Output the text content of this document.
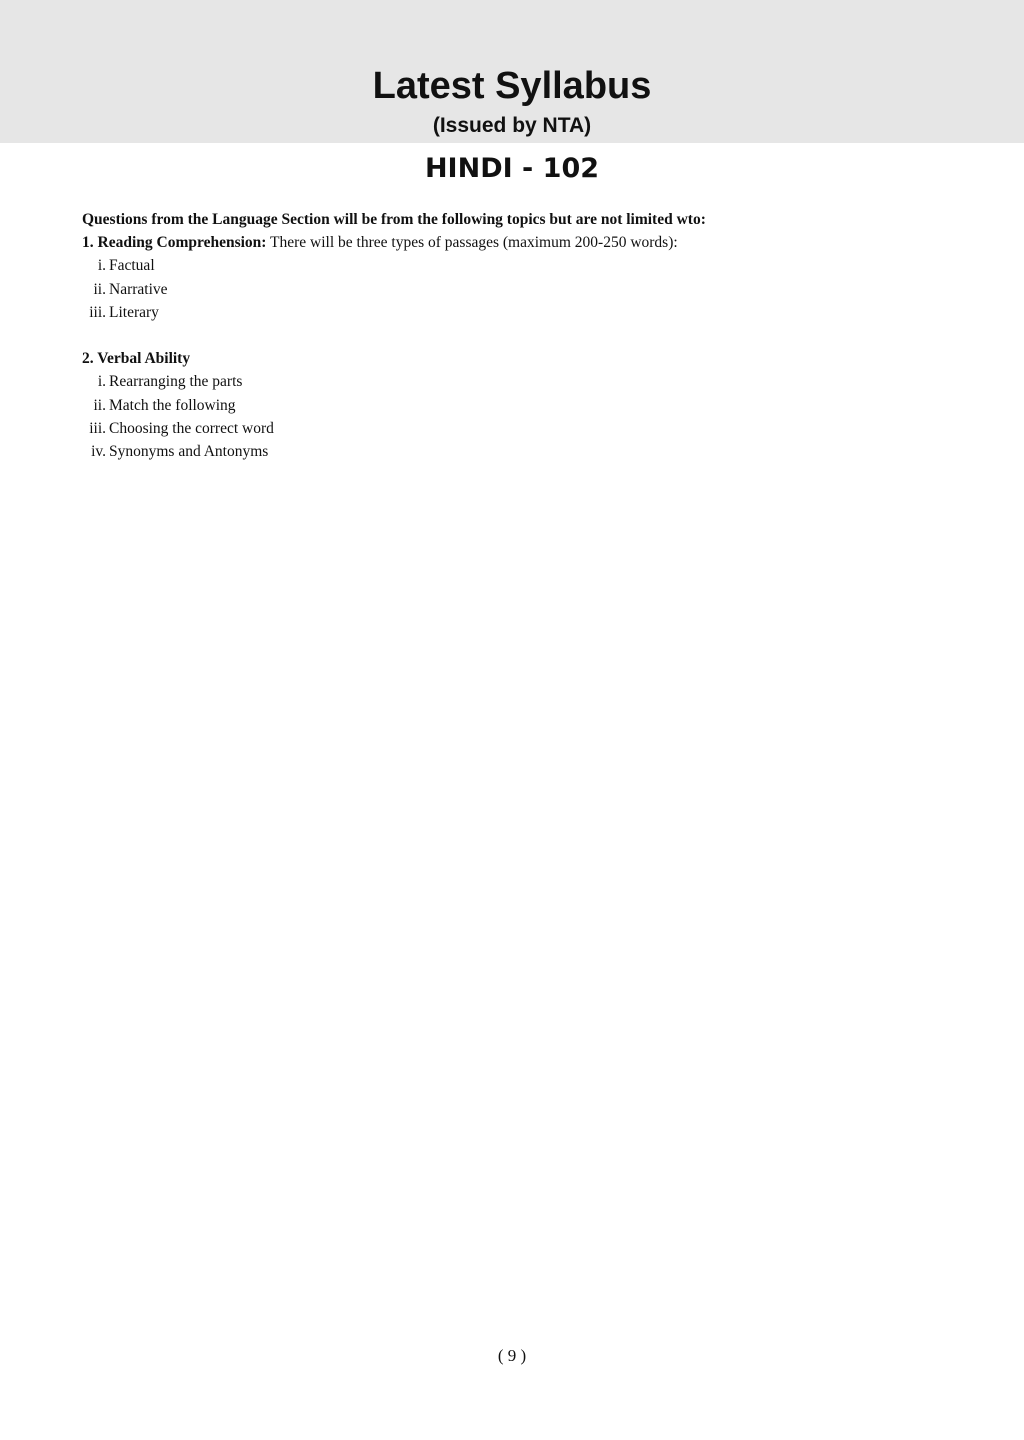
Latest Syllabus
(Issued by NTA)
HINDI - 102
Questions from the Language Section will be from the following topics but are not limited wto:
1. Reading Comprehension: There will be three types of passages (maximum 200-250 words):
i. Factual
ii. Narrative
iii. Literary
2. Verbal Ability
i. Rearranging the parts
ii. Match the following
iii. Choosing the correct word
iv. Synonyms and Antonyms
( 9 )
